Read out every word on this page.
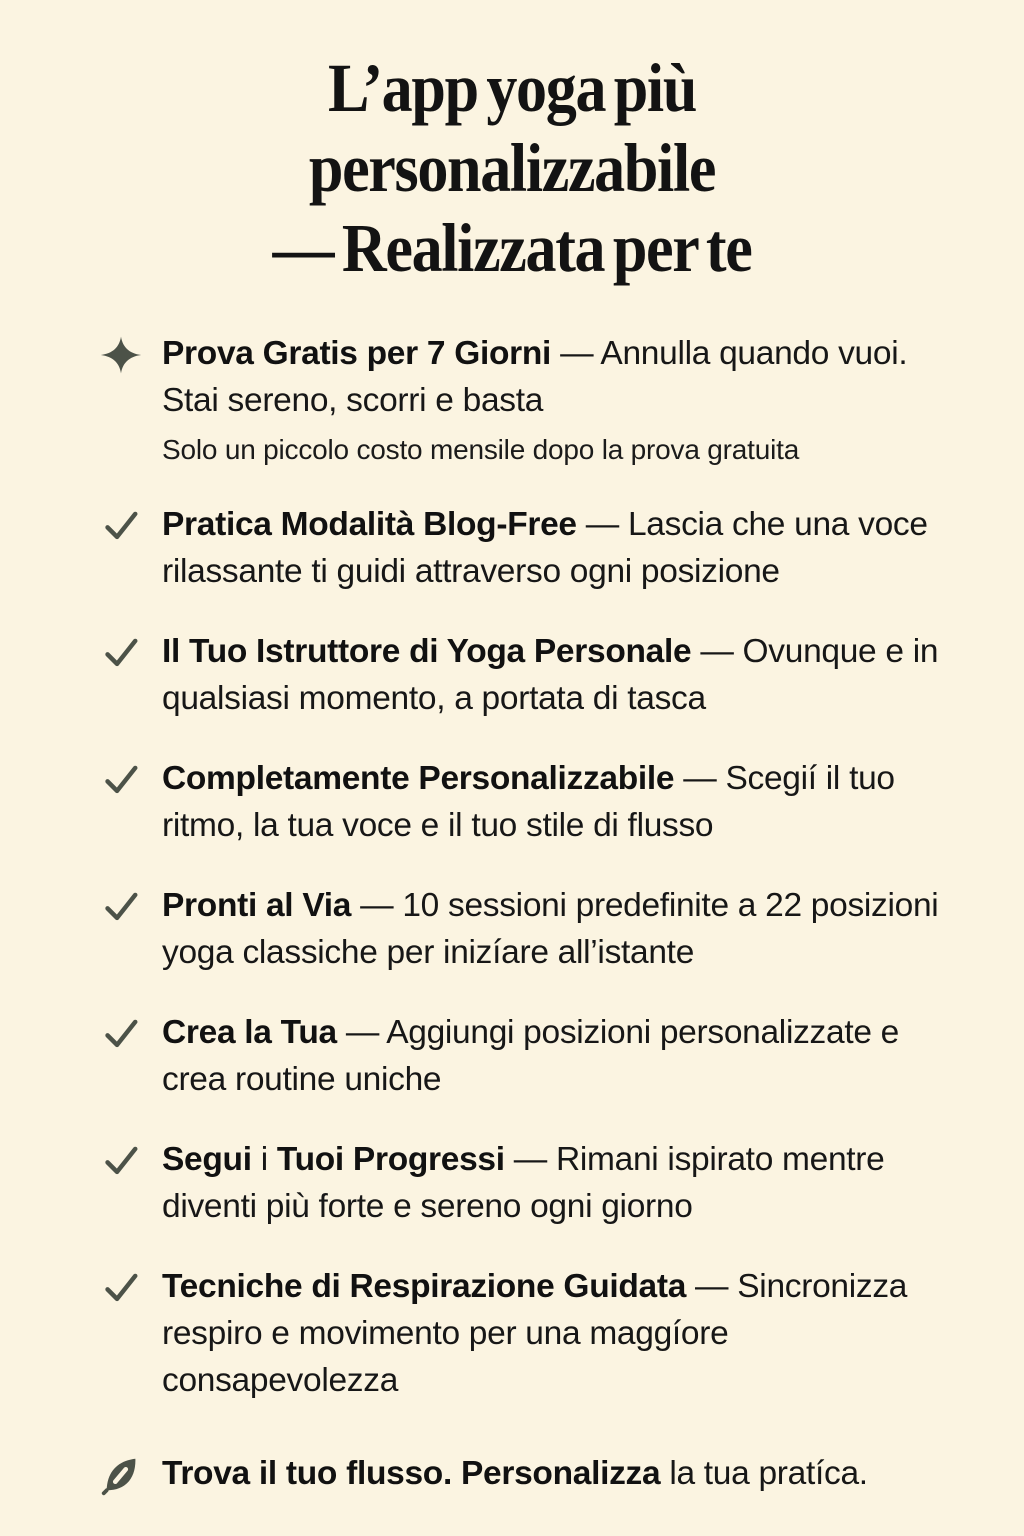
L’app yoga più
personalizzabile
— Realizzata per te

Prova Gratis per 7 Giorni — Annulla quando vuoi. Stai sereno, scorri e basta
Solo un piccolo costo mensile dopo la prova gratuita

Pratica Modalità Blog-Free — Lascia che una voce rilassante ti guidi attraverso ogni posizione

Il Tuo Istruttore di Yoga Personale — Ovunque e in qualsiasi momento, a portata di tasca

Completamente Personalizzabile — Scegií il tuo ritmo, la tua voce e il tuo stile di flusso

Pronti al Via — 10 sessioni predefinite a 22 posizioni yoga classiche per inizíare all’istante

Crea la Tua — Aggiungi posizioni personalizzate e crea routine uniche

Segui i Tuoi Progressi — Rimani ispirato mentre diventi più forte e sereno ogni giorno

Tecniche di Respirazione Guidata — Sincronizza respiro e movimento per una maggíore consapevolezza

Trova il tuo flusso. Personalizza la tua pratíca.
